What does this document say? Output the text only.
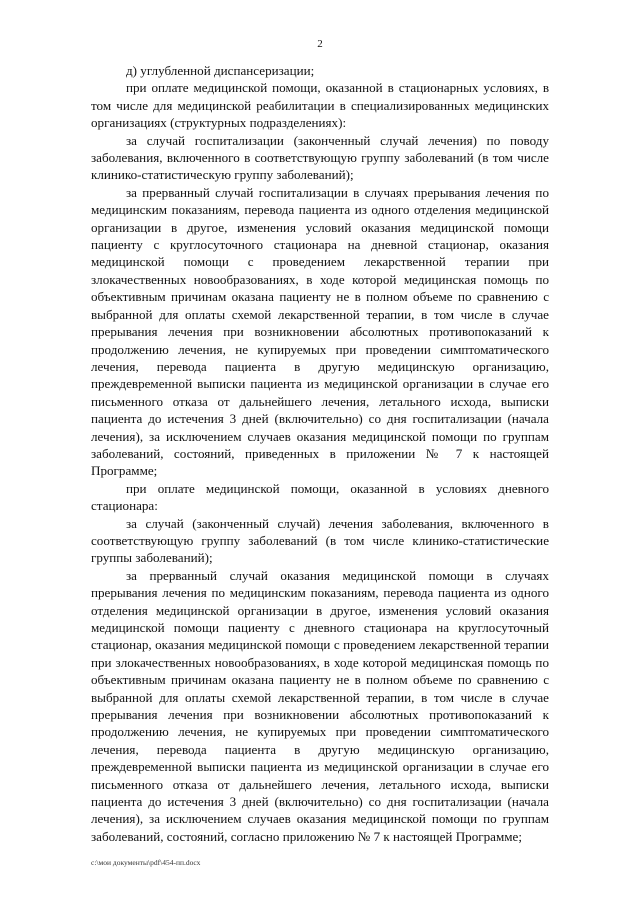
2

д) углубленной диспансеризации;

при оплате медицинской помощи, оказанной в стационарных условиях, в том числе для медицинской реабилитации в специализированных медицинских организациях (структурных подразделениях):

за случай госпитализации (законченный случай лечения) по поводу заболевания, включенного в соответствующую группу заболеваний (в том числе клинико-статистическую группу заболеваний);

за прерванный случай госпитализации в случаях прерывания лечения по медицинским показаниям, перевода пациента из одного отделения медицинской организации в другое, изменения условий оказания медицинской помощи пациенту с круглосуточного стационара на дневной стационар, оказания медицинской помощи с проведением лекарственной терапии при злокачественных новообразованиях, в ходе которой медицинская помощь по объективным причинам оказана пациенту не в полном объеме по сравнению с выбранной для оплаты схемой лекарственной терапии, в том числе в случае прерывания лечения при возникновении абсолютных противопоказаний к продолжению лечения, не купируемых при проведении симптоматического лечения, перевода пациента в другую медицинскую организацию, преждевременной выписки пациента из медицинской организации в случае его письменного отказа от дальнейшего лечения, летального исхода, выписки пациента до истечения 3 дней (включительно) со дня госпитализации (начала лечения), за исключением случаев оказания медицинской помощи по группам заболеваний, состояний, приведенных в приложении № 7 к настоящей Программе;

при оплате медицинской помощи, оказанной в условиях дневного стационара:

за случай (законченный случай) лечения заболевания, включенного в соответствующую группу заболеваний (в том числе клинико-статистические группы заболеваний);

за прерванный случай оказания медицинской помощи в случаях прерывания лечения по медицинским показаниям, перевода пациента из одного отделения медицинской организации в другое, изменения условий оказания медицинской помощи пациенту с дневного стационара на круглосуточный стационар, оказания медицинской помощи с проведением лекарственной терапии при злокачественных новообразованиях, в ходе которой медицинская помощь по объективным причинам оказана пациенту не в полном объеме по сравнению с выбранной для оплаты схемой лекарственной терапии, в том числе в случае прерывания лечения при возникновении абсолютных противопоказаний к продолжению лечения, не купируемых при проведении симптоматического лечения, перевода пациента в другую медицинскую организацию, преждевременной выписки пациента из медицинской организации в случае его письменного отказа от дальнейшего лечения, летального исхода, выписки пациента до истечения 3 дней (включительно) со дня госпитализации (начала лечения), за исключением случаев оказания медицинской помощи по группам заболеваний, состояний, согласно приложению № 7 к настоящей Программе;

c:\мои документы\pdf\454-пп.docx
